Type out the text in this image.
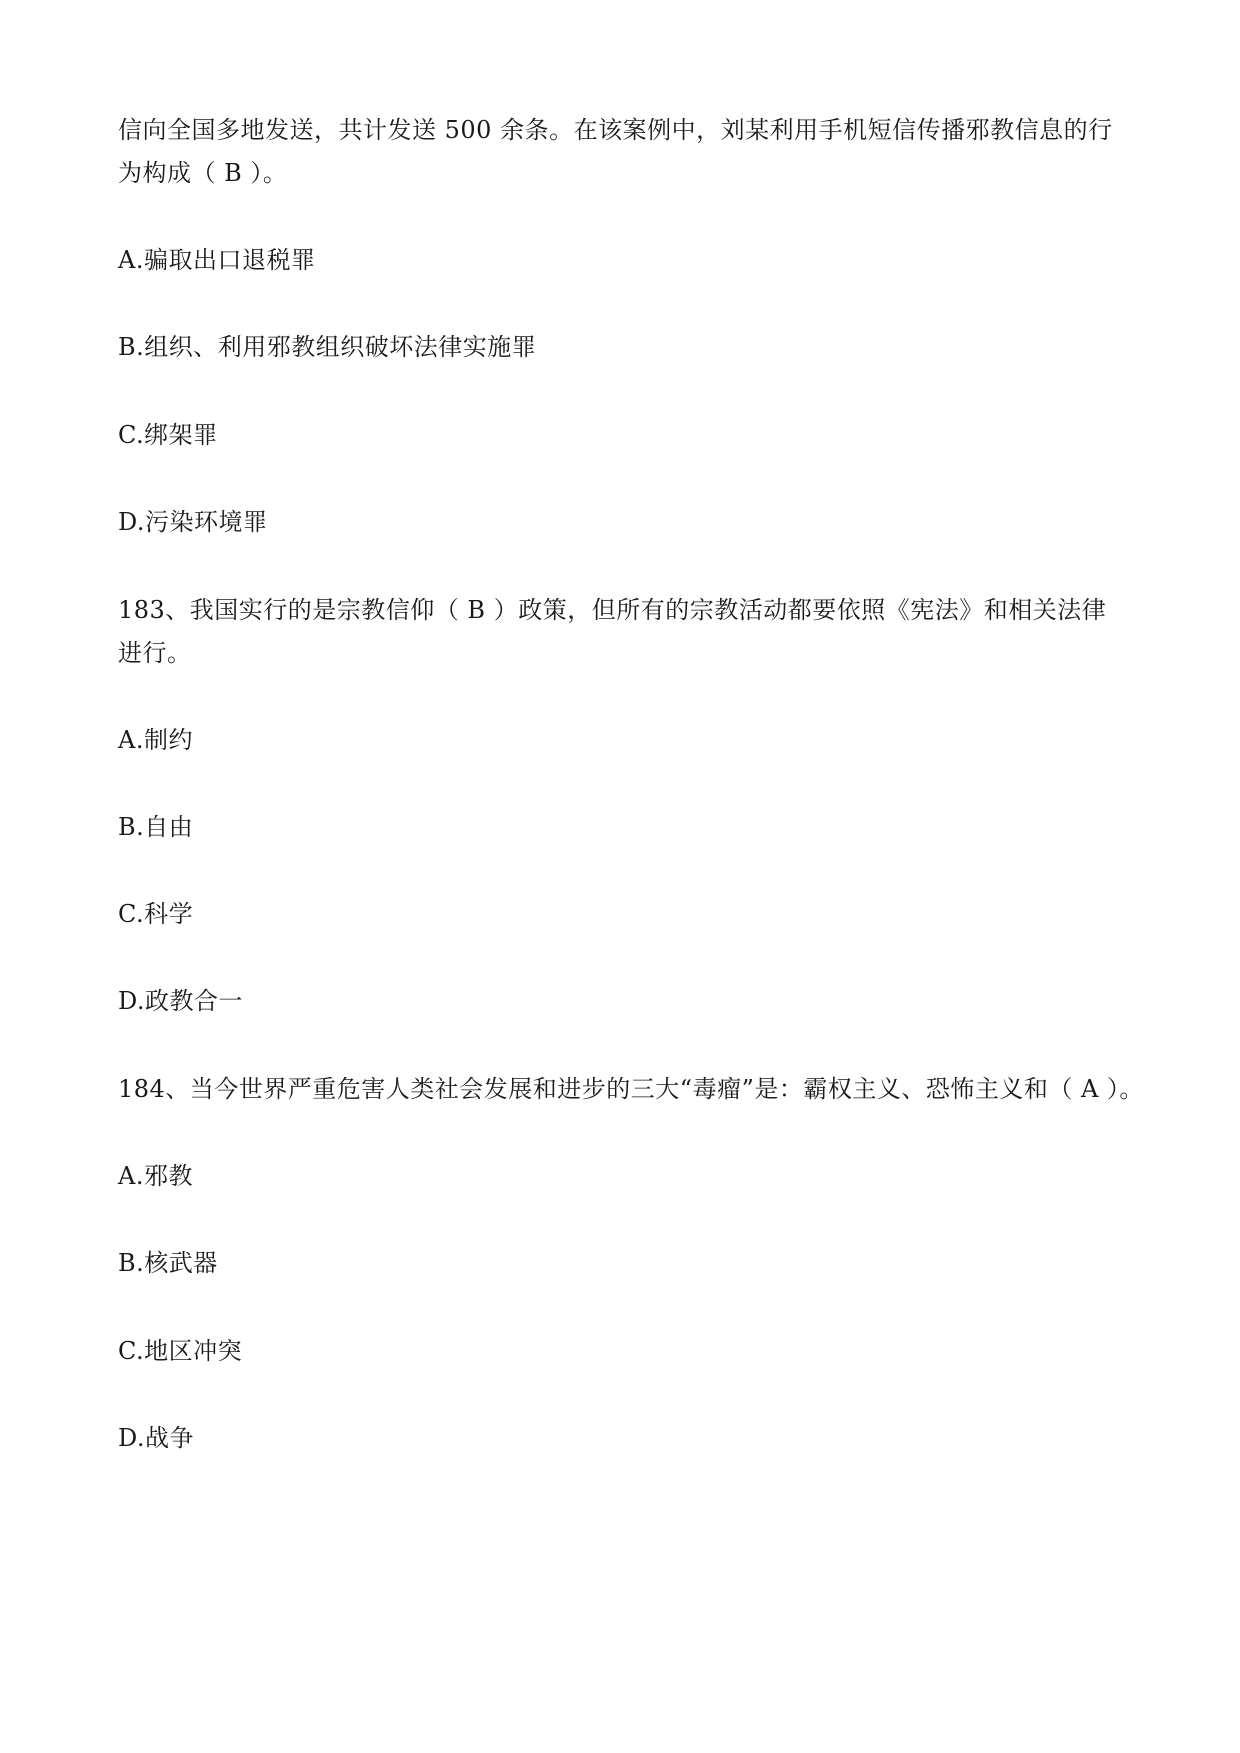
信向全国多地发送，共计发送 500 余条。在该案例中，刘某利用手机短信传播邪教信息的行
为构成（ B ）。
A.骗取出口退税罪
B.组织、利用邪教组织破坏法律实施罪
C.绑架罪
D.污染环境罪
183、我国实行的是宗教信仰（ B ）政策，但所有的宗教活动都要依照《宪法》和相关法律
进行。
A.制约
B.自由
C.科学
D.政教合一
184、当今世界严重危害人类社会发展和进步的三大“毒瘤”是：霸权主义、恐怖主义和（ A ）。
A.邪教
B.核武器
C.地区冲突
D.战争
